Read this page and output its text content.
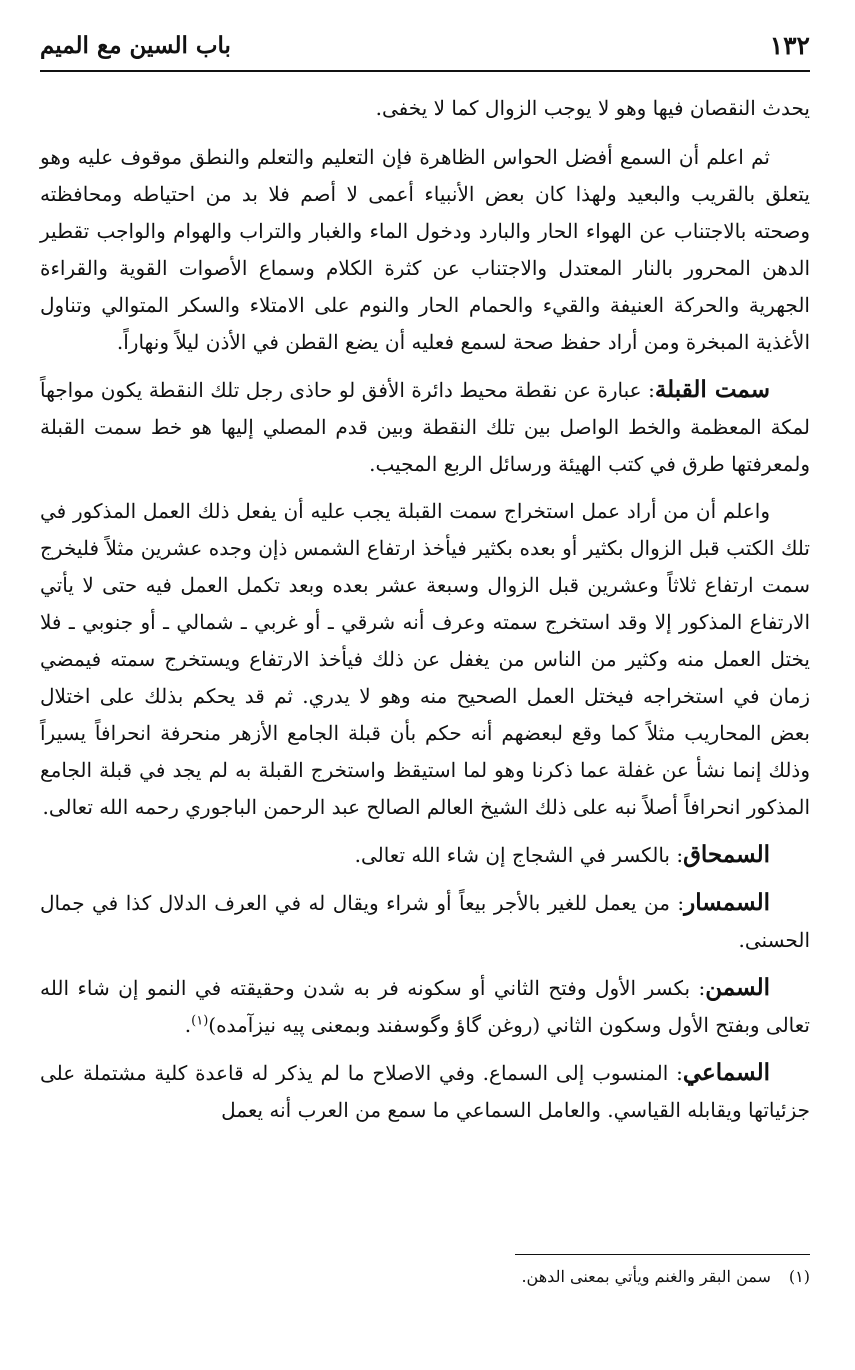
١٣٢
باب السين مع الميم

يحدث النقصان فيها وهو لا يوجب الزوال كما لا يخفى.

ثم اعلم أن السمع أفضل الحواس الظاهرة فإن التعليم والتعلم والنطق موقوف عليه وهو يتعلق بالقريب والبعيد ولهذا كان بعض الأنبياء أعمى لا أصم فلا بد من احتياطه ومحافظته وصحته بالاجتناب عن الهواء الحار والبارد ودخول الماء والغبار والتراب والهوام والواجب تقطير الدهن المحرور بالنار المعتدل والاجتناب عن كثرة الكلام وسماع الأصوات القوية والقراءة الجهرية والحركة العنيفة والقيء والحمام الحار والنوم على الامتلاء والسكر المتوالي وتناول الأغذية المبخرة ومن أراد حفظ صحة لسمع فعليه أن يضع القطن في الأذن ليلاً ونهاراً.

سمت القبلة: عبارة عن نقطة محيط دائرة الأفق لو حاذى رجل تلك النقطة يكون مواجهاً لمكة المعظمة والخط الواصل بين تلك النقطة وبين قدم المصلي إليها هو خط سمت القبلة ولمعرفتها طرق في كتب الهيئة ورسائل الربع المجيب.

واعلم أن من أراد عمل استخراج سمت القبلة يجب عليه أن يفعل ذلك العمل المذكور في تلك الكتب قبل الزوال بكثير أو بعده بكثير فيأخذ ارتفاع الشمس ذإن وجده عشرين مثلاً فليخرج سمت ارتفاع ثلاثاً وعشرين قبل الزوال وسبعة عشر بعده وبعد تكمل العمل فيه حتى لا يأتي الارتفاع المذكور إلا وقد استخرج سمته وعرف أنه شرقي ـ أو غربي ـ شمالي ـ أو جنوبي ـ فلا يختل العمل منه وكثير من الناس من يغفل عن ذلك فيأخذ الارتفاع ويستخرج سمته فيمضي زمان في استخراجه فيختل العمل الصحيح منه وهو لا يدري. ثم قد يحكم بذلك على اختلال بعض المحاريب مثلاً كما وقع لبعضهم أنه حكم بأن قبلة الجامع الأزهر منحرفة انحرافاً يسيراً وذلك إنما نشأ عن غفلة عما ذكرنا وهو لما استيقظ واستخرج القبلة به لم يجد في قبلة الجامع المذكور انحرافاً أصلاً نبه على ذلك الشيخ العالم الصالح عبد الرحمن الباجوري رحمه الله تعالى.

السمحاق: بالكسر في الشجاج إن شاء الله تعالى.

السمسار: من يعمل للغير بالأجر بيعاً أو شراء ويقال له في العرف الدلال كذا في جمال الحسنى.

السمن: بكسر الأول وفتح الثاني أو سكونه فر به شدن وحقيقته في النمو إن شاء الله تعالى وبفتح الأول وسكون الثاني (روغن گاؤ وگوسفند وبمعنى پيه نيزآمده)$^{(١)}$.

السماعي: المنسوب إلى السماع. وفي الاصلاح ما لم يذكر له قاعدة كلية مشتملة على جزئياتها ويقابله القياسي. والعامل السماعي ما سمع من العرب أنه يعمل

(١)سمن البقر والغنم ويأتي بمعنى الدهن.
